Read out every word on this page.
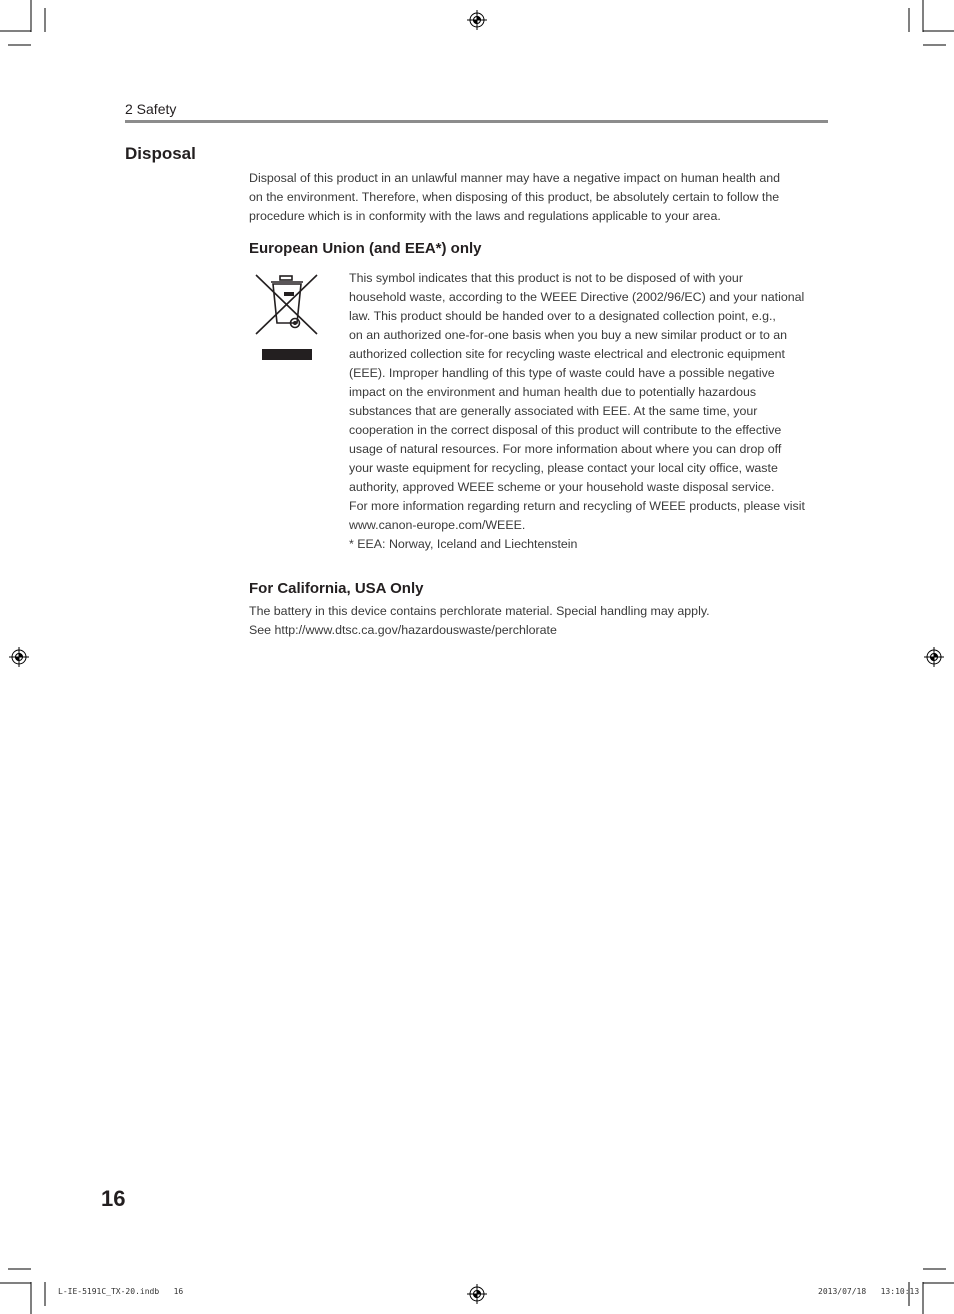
2 Safety
Disposal
Disposal of this product in an unlawful manner may have a negative impact on human health and
on the environment. Therefore, when disposing of this product, be absolutely certain to follow the
procedure which is in conformity with the laws and regulations applicable to your area.
European Union (and EEA*) only
This symbol indicates that this product is not to be disposed of with your
household waste, according to the WEEE Directive (2002/96/EC) and your national
law. This product should be handed over to a designated collection point, e.g.,
on an authorized one-for-one basis when you buy a new similar product or to an
authorized collection site for recycling waste electrical and electronic equipment
(EEE). Improper handling of this type of waste could have a possible negative
impact on the environment and human health due to potentially hazardous
substances that are generally associated with EEE. At the same time, your
cooperation in the correct disposal of this product will contribute to the effective
usage of natural resources. For more information about where you can drop off
your waste equipment for recycling, please contact your local city office, waste
authority, approved WEEE scheme or your household waste disposal service.
For more information regarding return and recycling of WEEE products, please visit
www.canon-europe.com/WEEE.
* EEA: Norway, Iceland and Liechtenstein
For California, USA Only
The battery in this device contains perchlorate material. Special handling may apply.
See http://www.dtsc.ca.gov/hazardouswaste/perchlorate
16
L-IE-5191C_TX-20.indb   16	2013/07/18   13:10:13
